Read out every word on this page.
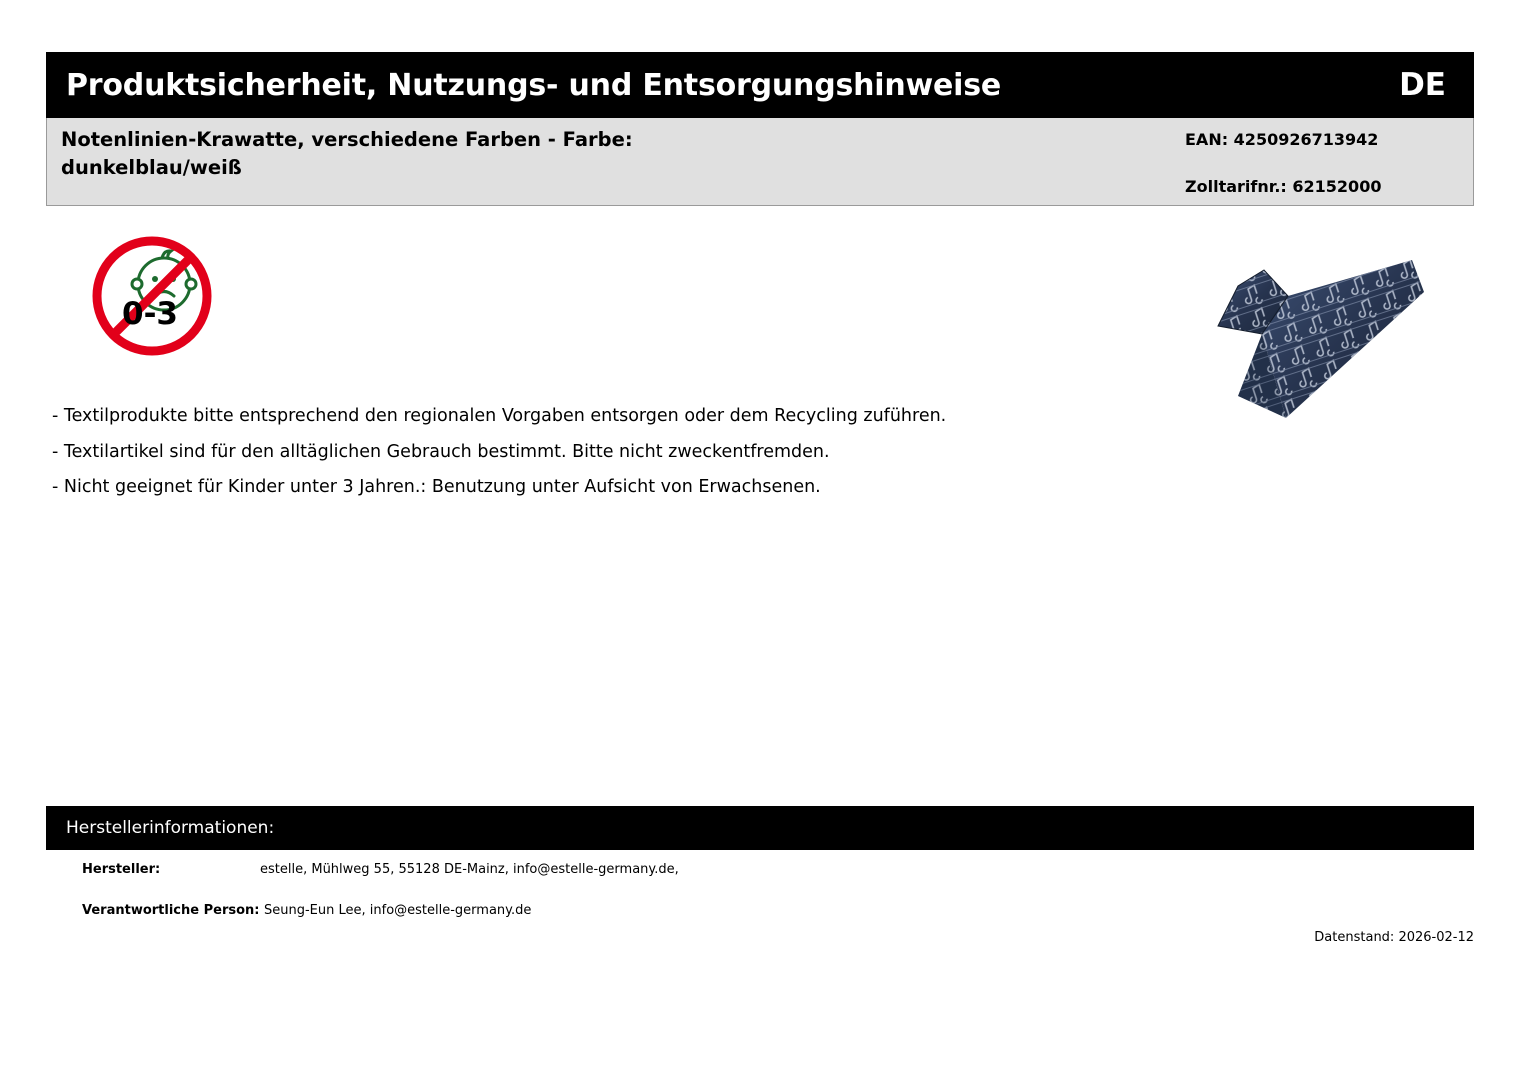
Produktsicherheit, Nutzungs- und Entsorgungshinweise	DE
Notenlinien-Krawatte, verschiedene Farben - Farbe: dunkelblau/weiß
EAN: 4250926713942
Zolltarifnr.: 62152000
0-3
- Textilprodukte bitte entsprechend den regionalen Vorgaben entsorgen oder dem Recycling zuführen.
- Textilartikel sind für den alltäglichen Gebrauch bestimmt. Bitte nicht zweckentfremden.
- Nicht geeignet für Kinder unter 3 Jahren.: Benutzung unter Aufsicht von Erwachsenen.
Herstellerinformationen:
Hersteller:	estelle, Mühlweg 55, 55128 DE-Mainz, info@estelle-germany.de,
Verantwortliche Person: Seung-Eun Lee, info@estelle-germany.de
Datenstand: 2026-02-12
